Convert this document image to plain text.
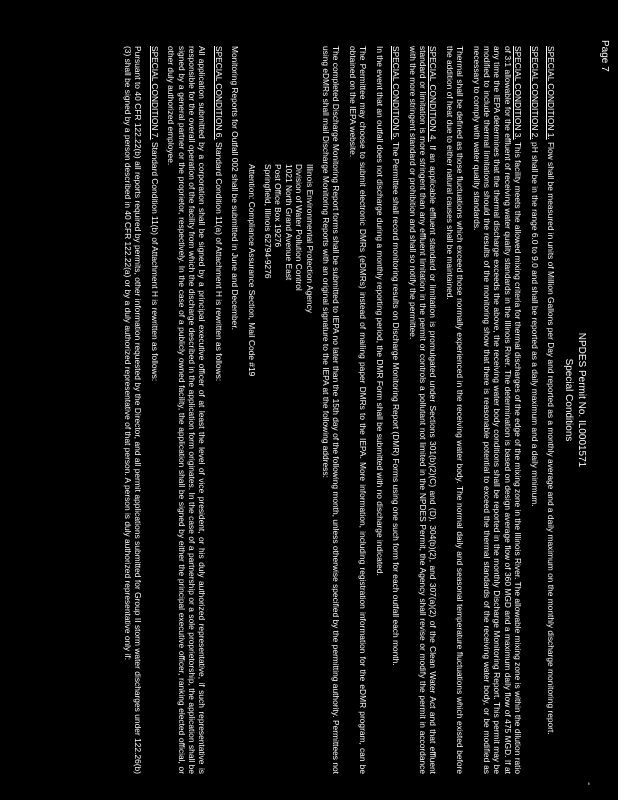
Page 7
-
NPDES Permit No. IL0001571
Special Conditions

SPECIAL CONDITION 1. Flow shall be measured in units of Million Gallons per Day and reported as a monthly average and a daily maximum on the monthly discharge monitoring report.

SPECIAL CONDITION 2. pH shall be in the range 6.0 to 9.0 and shall be reported as a daily maximum and a daily minimum.

SPECIAL CONDITION 3. This facility meets the allowed mixing criteria for thermal discharges of the edge of the mixing zone in the Illinois River. The allowable mixing zone is within the dilution ratio of 3:1 allowable for the effluent of receiving water quality standards in the Illinois River. The determination is based on design average flow of 360 MGD and a maximum daily flow of 475 MGD. If at any time the IEPA determines that the thermal discharge exceeds the above, the receiving water body conditions shall be reported in the monthly Discharge Monitoring Report. This permit may be modified to include thermal limitations should the results of the monitoring show that there is reasonable potential to exceed the thermal standards of the receiving water body, or be modified as necessary to comply with water quality standards.

Thermal shall be defined as those fluctuations which exceed those normally experienced in the receiving water body. The normal daily and seasonal temperature fluctuations which existed before the addition of heat due to either natural causes shall be maintained.

SPECIAL CONDITION 4. If an applicable effluent standard or limitation is promulgated under Sections 301(b)(2)(C) and (D), 304(b)(2), and 307(a)(2) of the Clean Water Act and that effluent standard or limitation is more stringent than any effluent limitation in the permit or controls a pollutant not limited in the NPDES Permit, the Agency shall revise or modify the permit in accordance with the more stringent standard or prohibition and shall so notify the permittee.

SPECIAL CONDITION 5. The Permittee shall record monitoring results on Discharge Monitoring Report (DMR) Forms using one such form for each outfall each month.

In the event that an outfall does not discharge during a monthly reporting period, the DMR Form shall be submitted with no discharge indicated.

The Permittee may choose to submit electronic DMRs (eDMRs) instead of mailing paper DMRs to the IEPA. More information, including registration information for the eDMR program, can be obtained on the IEPA website.

The completed Discharge Monitoring Report forms shall be submitted to IEPA no later than the 15th day of the following month, unless otherwise specified by the permitting authority. Permittees not using eDMRs shall mail Discharge Monitoring Reports with an original signature to the IEPA at the following address:

Illinois Environmental Protection Agency
Division of Water Pollution Control
1021 North Grand Avenue East
Post Office Box 19276
Springfield, Illinois 62794-9276
Attention: Compliance Assurance Section, Mail Code #19

Monitoring Reports for Outfall 002 shall be submitted in June and December.

SPECIAL CONDITION 6. Standard Condition 11(a) of Attachment H is rewritten as follows:

All application submitted by a corporation shall be signed by a principal executive officer of at least the level of vice president, or his duly authorized representative, if such representative is responsible for the overall operation of the facility from which the discharge described in the application form originates. In the case of a partnership or a sole proprietorship, the application shall be signed by a general partner or the proprietor, respectively. In the case of a publicly owned facility, the application shall be signed by either the principal executive officer, ranking elected official, or other duly authorized employee.

SPECIAL CONDITION 7. Standard Condition 11(b) of Attachment H is rewritten as follows:

Pursuant to 40 CFR 122.22(b) all reports required by permits, other information requested by the Director, and all permit applications submitted for Group II storm water discharges under 122.26(b)(3) shall be signed by a person described in 40 CFR 122.22(a) or by a duly authorized representative of that person. A person is duly authorized representative only if:
